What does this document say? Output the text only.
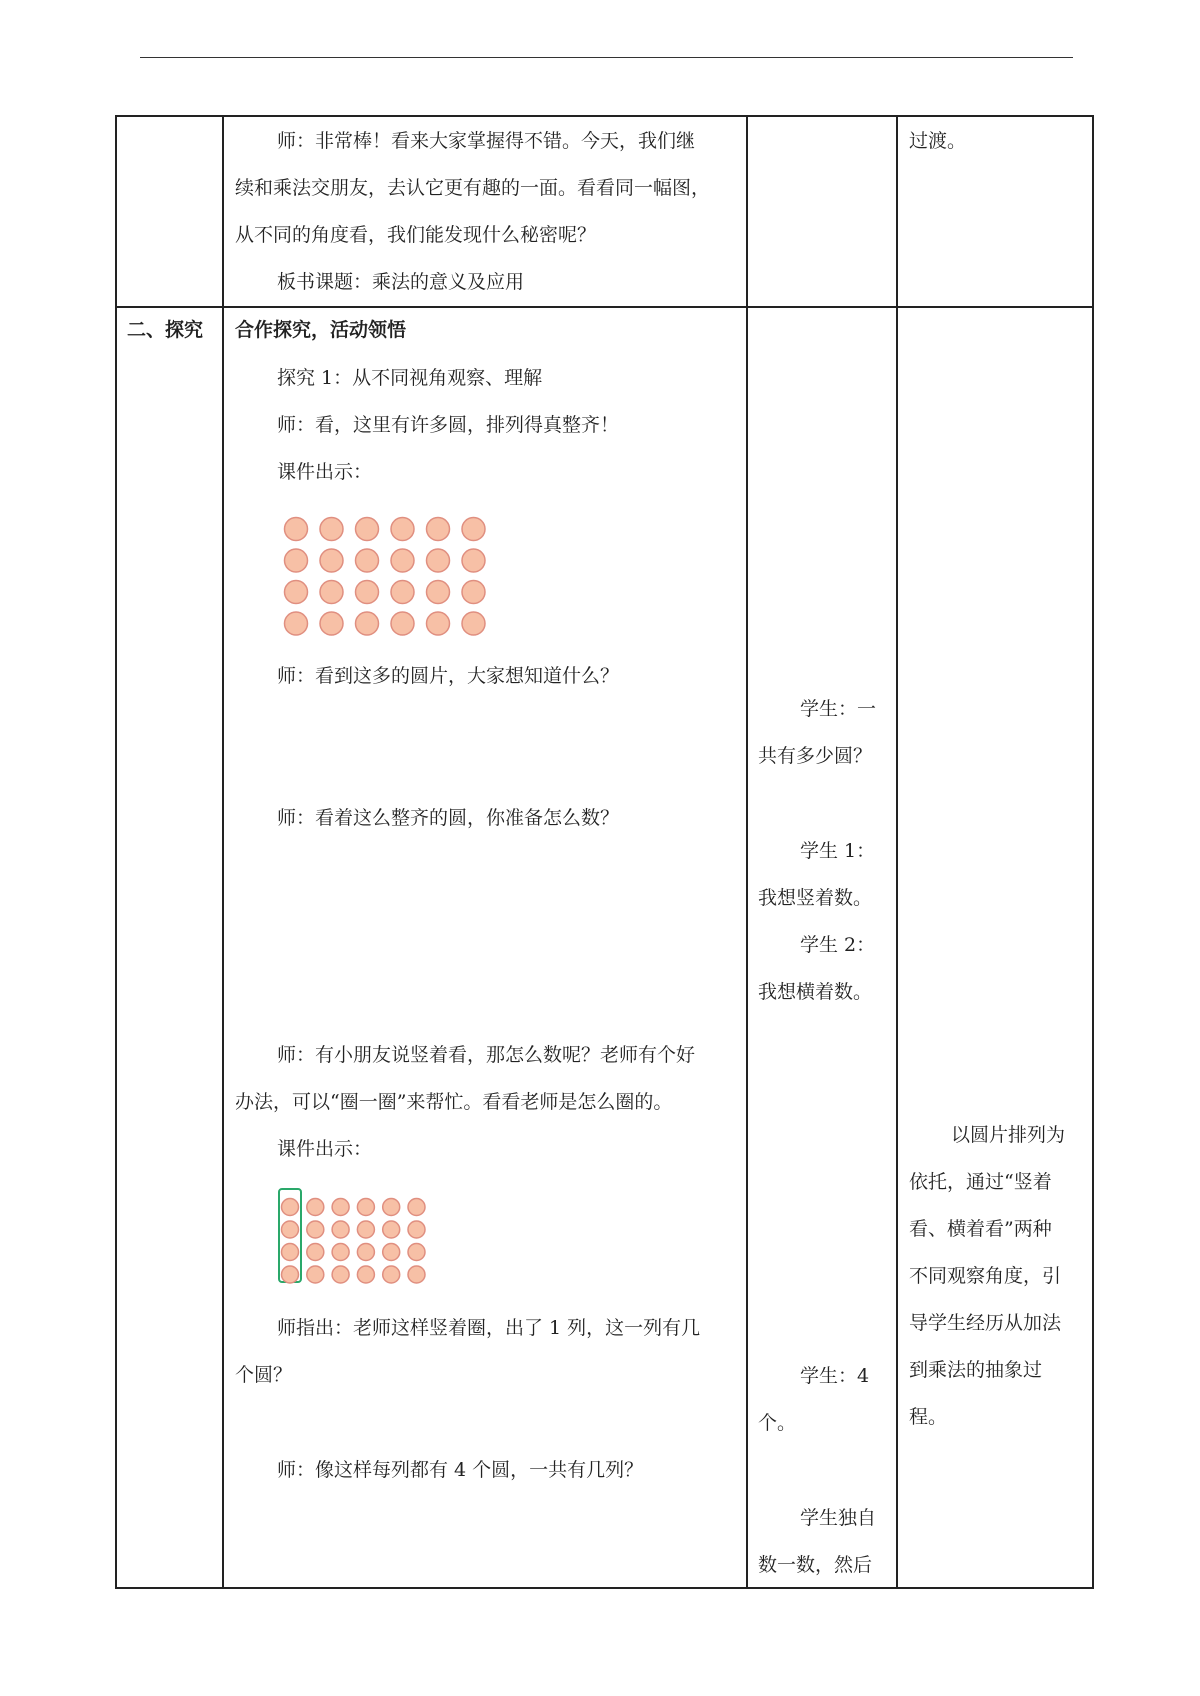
师：非常棒！看来大家掌握得不错。今天，我们继
续和乘法交朋友，去认它更有趣的一面。看看同一幅图，
从不同的角度看，我们能发现什么秘密呢？
板书课题：乘法的意义及应用
过渡。
二、探究 合作探究，活动领悟
探究 1：从不同视角观察、理解
师：看，这里有许多圆，排列得真整齐！
课件出示：
师：看到这多的圆片，大家想知道什么？
师：看着这么整齐的圆，你准备怎么数？
师：有小朋友说竖着看，那怎么数呢？老师有个好
办法，可以“圈一圈”来帮忙。看看老师是怎么圈的。
课件出示：
师指出：老师这样竖着圈，出了 1 列，这一列有几
个圆？
师：像这样每列都有 4 个圆，一共有几列？
学生：一
共有多少圆？
学生 1：
我想竖着数。
学生 2：
我想横着数。
学生：4
个。
学生独自
数一数，然后
以圆片排列为
依托，通过“竖着
看、横着看”两种
不同观察角度，引
导学生经历从加法
到乘法的抽象过
程。
